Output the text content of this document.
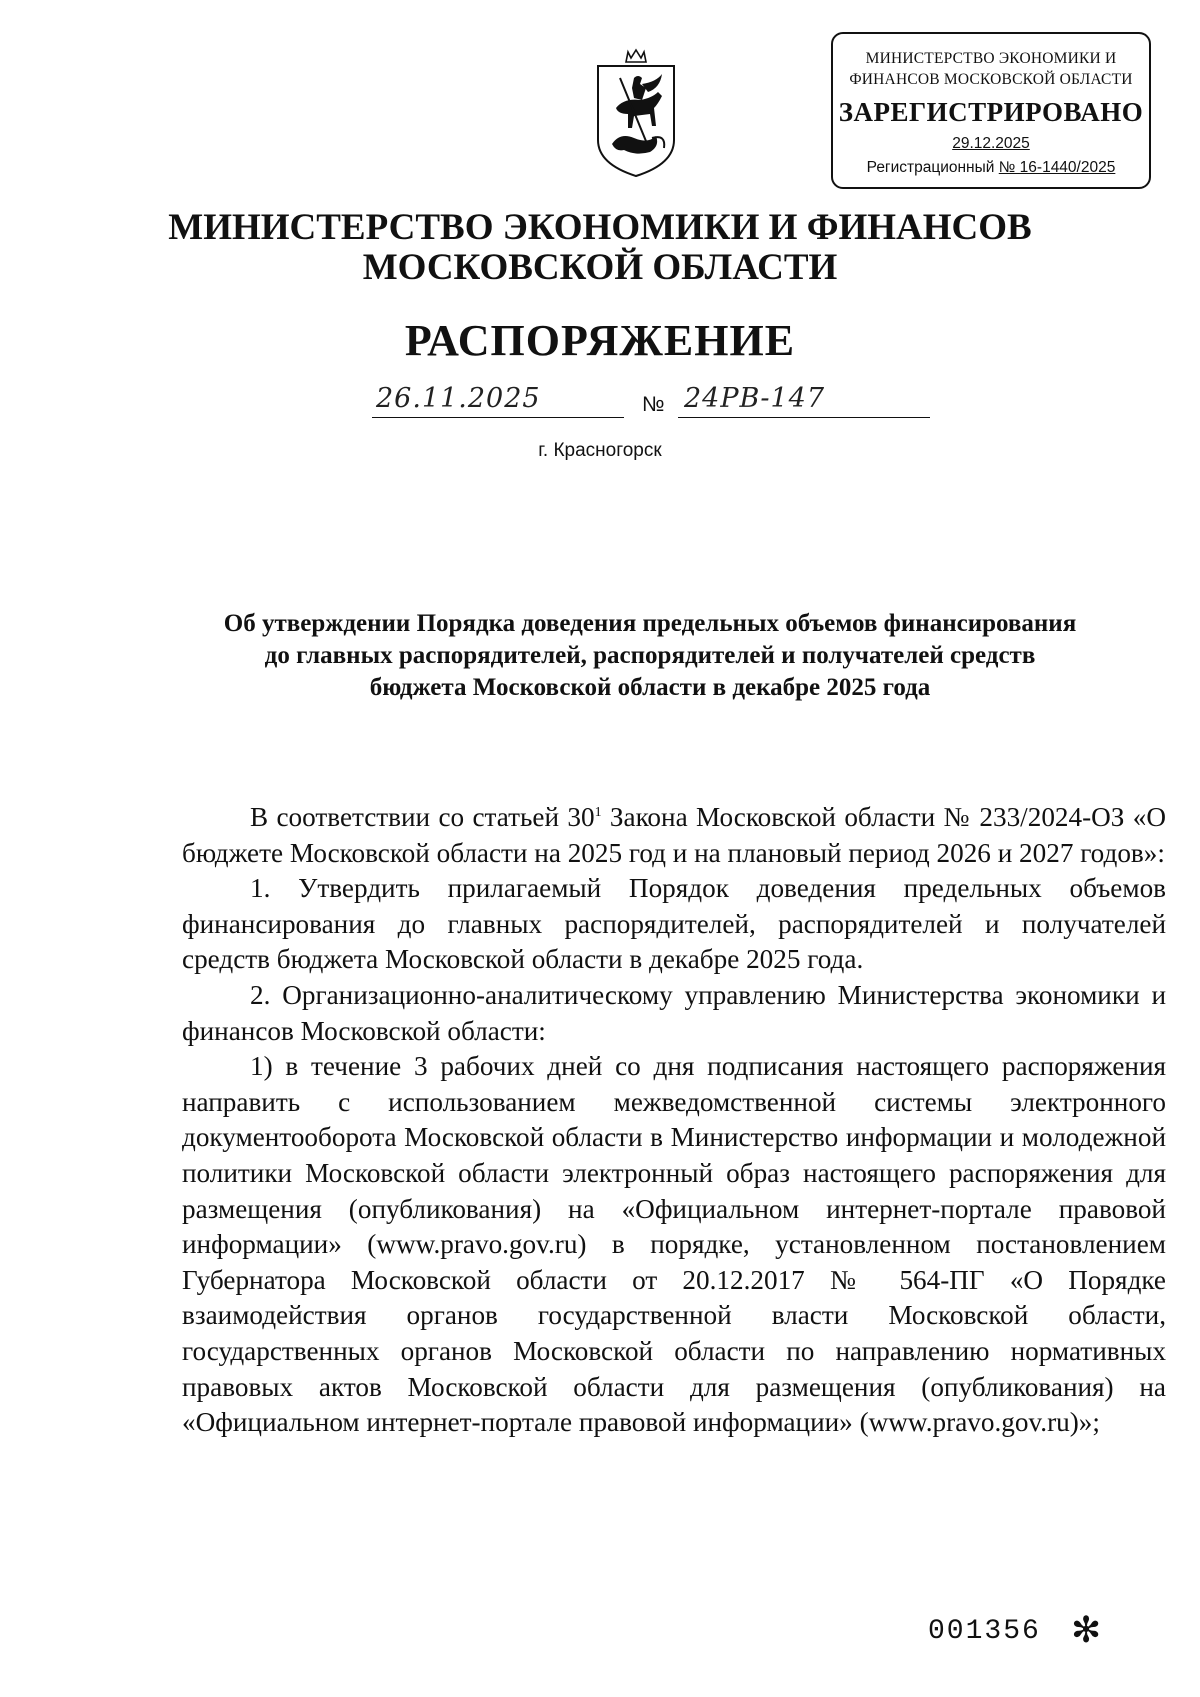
МИНИСТЕРСТВО ЭКОНОМИКИ И
ФИНАНСОВ МОСКОВСКОЙ ОБЛАСТИ
ЗАРЕГИСТРИРОВАНО
29.12.2025
Регистрационный № 16-1440/2025
МИНИСТЕРСТВО ЭКОНОМИКИ И ФИНАНСОВ
МОСКОВСКОЙ ОБЛАСТИ
РАСПОРЯЖЕНИЕ
26.11.2025	№ 24РВ-147
г. Красногорск
Об утверждении Порядка доведения предельных объемов финансирования
до главных распорядителей, распорядителей и получателей средств
бюджета Московской области в декабре 2025 года

В соответствии со статьей $30^1$ Закона Московской области № 233/2024-ОЗ «О бюджете Московской области на 2025 год и на плановый период 2026 и 2027 годов»:

1. Утвердить прилагаемый Порядок доведения предельных объемов финансирования до главных распорядителей, распорядителей и получателей средств бюджета Московской области в декабре 2025 года.

2. Организационно-аналитическому управлению Министерства экономики и финансов Московской области:

1) в течение 3 рабочих дней со дня подписания настоящего распоряжения направить с использованием межведомственной системы электронного документооборота Московской области в Министерство информации и молодежной политики Московской области электронный образ настоящего распоряжения для размещения (опубликования) на «Официальном интернет-портале правовой информации» (www.pravo.gov.ru) в порядке, установленном постановлением Губернатора Московской области от 20.12.2017 № 564-ПГ «О Порядке взаимодействия органов государственной власти Московской области, государственных органов Московской области по направлению нормативных правовых актов Московской области для размещения (опубликования) на «Официальном интернет-портале правовой информации» (www.pravo.gov.ru)»;

001356 ✻
